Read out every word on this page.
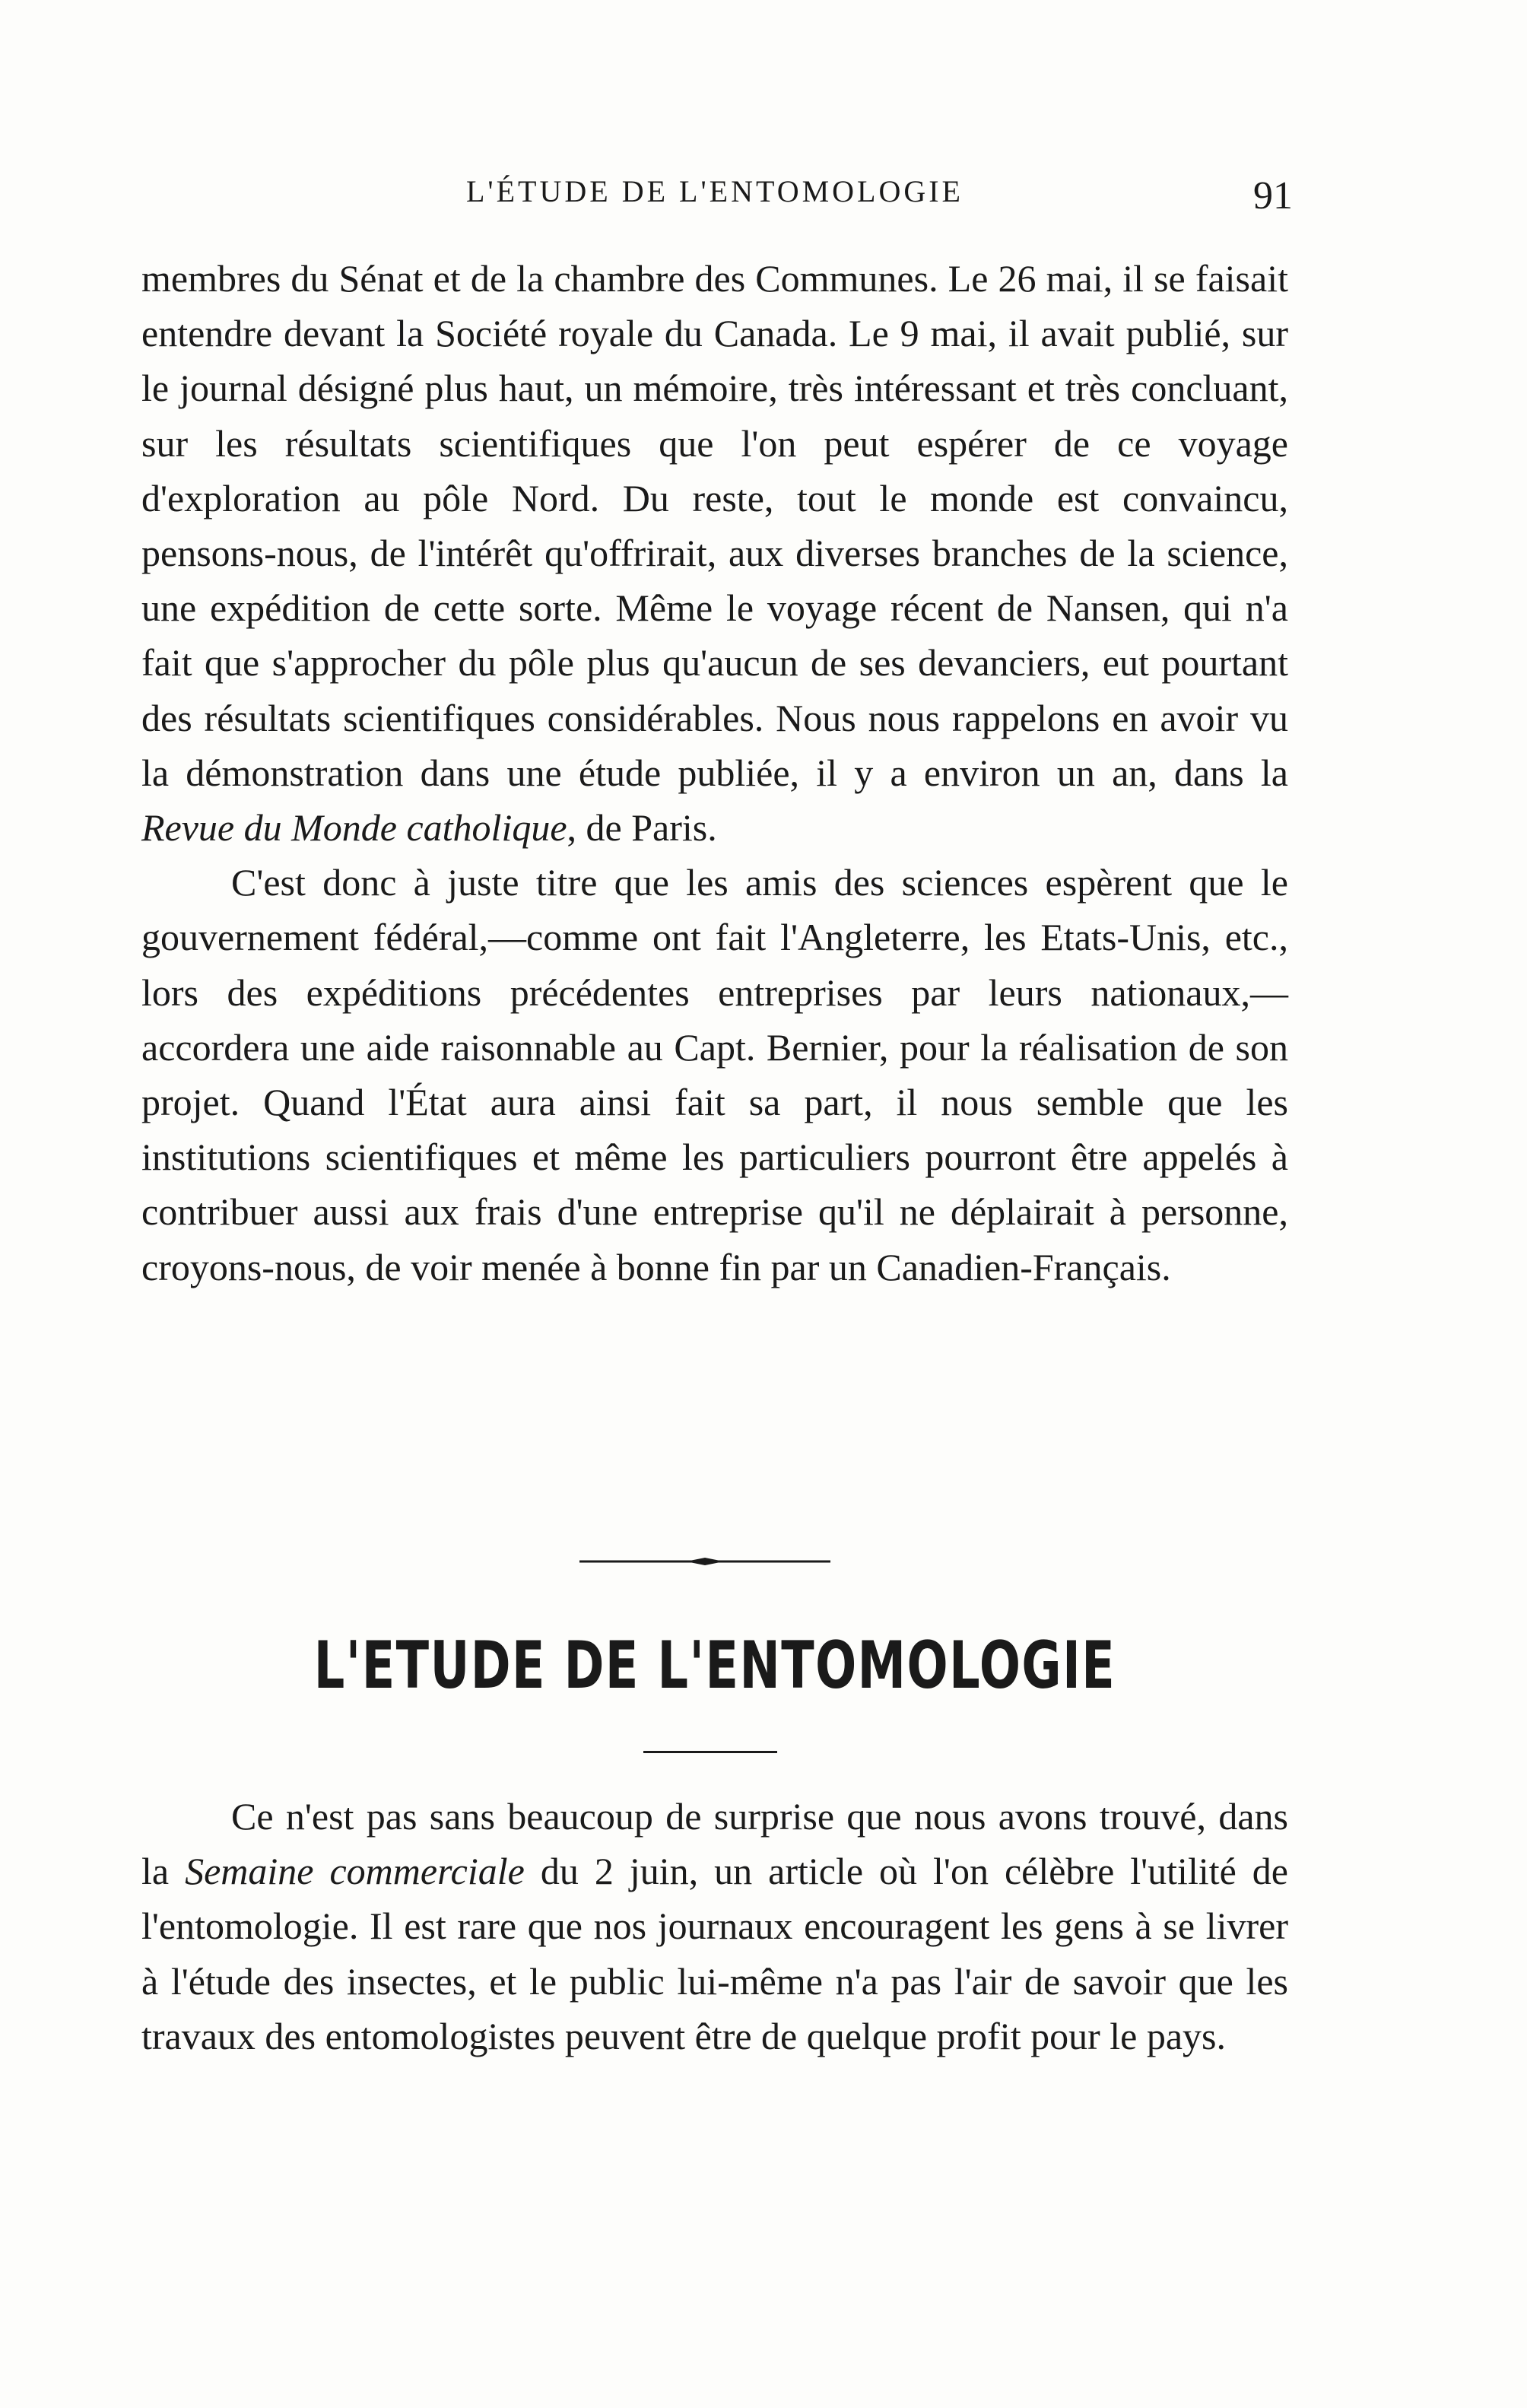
L'ÉTUDE DE L'ENTOMOLOGIE	91

membres du Sénat et de la chambre des Communes. Le 26 mai, il se faisait entendre devant la Société royale du Canada. Le 9 mai, il avait publié, sur le journal désigné plus haut, un mémoire, très intéressant et très concluant, sur les résultats scientifiques que l'on peut espérer de ce voyage d'exploration au pôle Nord. Du reste, tout le monde est convaincu, pensons-nous, de l'intérêt qu'offrirait, aux diverses branches de la science, une expédition de cette sorte. Même le voyage récent de Nansen, qui n'a fait que s'approcher du pôle plus qu'aucun de ses devanciers, eut pourtant des résultats scientifiques considérables. Nous nous rappelons en avoir vu la démonstration dans une étude publiée, il y a environ un an, dans la Revue du Monde catholique, de Paris.

C'est donc à juste titre que les amis des sciences espèrent que le gouvernement fédéral,—comme ont fait l'Angleterre, les Etats-Unis, etc., lors des expéditions précédentes entreprises par leurs nationaux,—accordera une aide raisonnable au Capt. Bernier, pour la réalisation de son projet. Quand l'État aura ainsi fait sa part, il nous semble que les institutions scientifiques et même les particuliers pourront être appelés à contribuer aussi aux frais d'une entreprise qu'il ne déplairait à personne, croyons-nous, de voir menée à bonne fin par un Canadien-Français.

L'ETUDE DE L'ENTOMOLOGIE

Ce n'est pas sans beaucoup de surprise que nous avons trouvé, dans la Semaine commerciale du 2 juin, un article où l'on célèbre l'utilité de l'entomologie. Il est rare que nos journaux encouragent les gens à se livrer à l'étude des insectes, et le public lui-même n'a pas l'air de savoir que les travaux des entomologistes peuvent être de quelque profit pour le pays.
